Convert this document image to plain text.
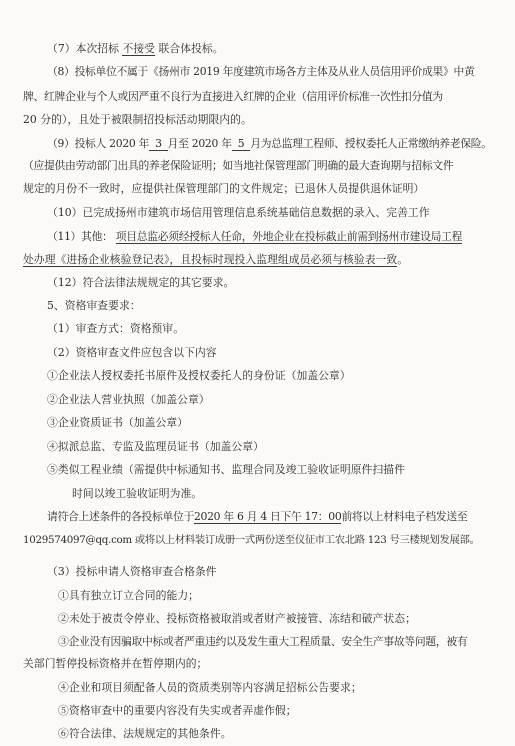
（7）本次招标 不接受 联合体投标。
（8）投标单位不属于《扬州市 2019 年度建筑市场各方主体及从业人员信用评价成果》中黄
牌、红牌企业与个人或因严重不良行为直接进入红牌的企业（信用评价标准一次性扣分值为
20 分的），且处于被限制招投标活动期限内的。
（9）投标人 2020 年 3 月至 2020 年 5 月为总监理工程师、授权委托人正常缴纳养老保险。
（应提供由劳动部门出具的养老保险证明；如当地社保管理部门明确的最大查询期与招标文件
规定的月份不一致时，应提供社保管理部门的文件规定；已退休人员提供退休证明）
（10）已完成扬州市建筑市场信用管理信息系统基础信息数据的录入、完善工作
（11）其他： 项目总监必须经授标人任命，外地企业在投标截止前需到扬州市建设局工程
处办理《进扬企业核验登记表》，且投标时现投入监理组成员必须与核验表一致。
（12）符合法律法规规定的其它要求。
5、资格审查要求：
（1）审查方式：资格预审。
（2）资格审查文件应包含以下内容
①企业法人授权委托书原件及授权委托人的身份证（加盖公章）
②企业法人营业执照（加盖公章）
③企业资质证书（加盖公章）
④拟派总监、专监及监理员证书（加盖公章）
⑤类似工程业绩（需提供中标通知书、监理合同及竣工验收证明原件扫描件
时间以竣工验收证明为准。
请符合上述条件的各投标单位于2020 年 6 月 4 日下午 17：00前将以上材料电子档发送至
1029574097@qq.com 或将以上材料装订成册一式两份送至仪征市工农北路 123 号三楼规划发展部。
（3）投标申请人资格审查合格条件
①具有独立订立合同的能力；
②未处于被责令停业、投标资格被取消或者财产被接管、冻结和破产状态；
③企业没有因骗取中标或者严重违约以及发生重大工程质量、安全生产事故等问题，被有
关部门暂停投标资格并在暂停期内的；
④企业和项目须配备人员的资质类别等内容满足招标公告要求；
⑤资格审查中的重要内容没有失实或者弄虚作假；
⑥符合法律、法规规定的其他条件。
